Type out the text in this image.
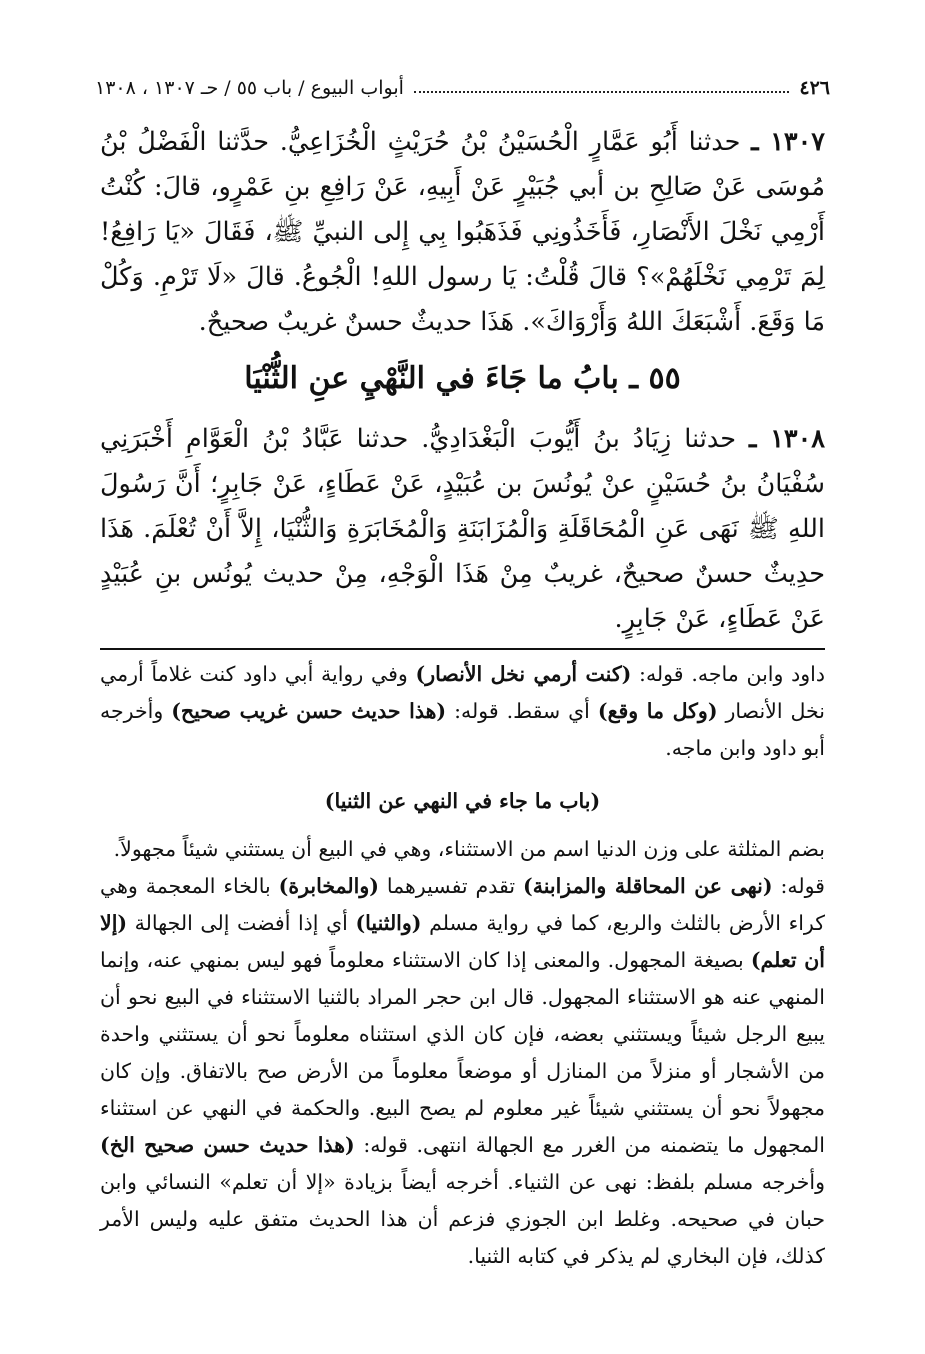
٤٢٦
أبواب البيوع / باب ٥٥ / حـ ١٣٠٧ ، ١٣٠٨

١٣٠٧ ـ حدثنا أَبُو عَمَّارٍ الْحُسَيْنُ بْنُ حُرَيْثٍ الْخُزَاعِيُّ. حدَّثنا الْفَضْلُ بْنُ مُوسَى عَنْ صَالِحِ بن أبي جُبَيْرٍ عَنْ أَبِيهِ، عَنْ رَافِعِ بنِ عَمْرٍو، قالَ: كُنْتُ أَرْمِي نَخْلَ الأَنْصَارِ، فَأَخَذُونِي فَذَهَبُوا بِي إِلى النبيِّ ﷺ، فَقَالَ «يَا رَافِعُ! لِمَ تَرْمِي نَخْلَهُمْ»؟ قالَ قُلْتُ: يَا رسول اللهِ! الْجُوعُ. قالَ «لَا تَرْمِ. وَكُلْ مَا وَقَعَ. أَشْبَعَكَ اللهُ وَأَرْوَاكَ». هَذَا حديثٌ حسنٌ غريبٌ صحيحٌ.

٥٥ ـ بابُ ما جَاءَ في النَّهْيِ عنِ الثُّنْيَا

١٣٠٨ ـ حدثنا زِيَادُ بنُ أَيُّوبَ الْبَغْدَادِيُّ. حدثنا عَبَّادُ بْنُ الْعَوَّامِ أَخْبَرَنِي سُفْيَانُ بنُ حُسَيْنٍ عنْ يُونُسَ بن عُبَيْدٍ، عَنْ عَطَاءٍ، عَنْ جَابِرٍ؛ أَنَّ رَسُولَ اللهِ ﷺ نَهَى عَنِ الْمُحَاقَلَةِ وَالْمُزَابَنَةِ وَالْمُخَابَرَةِ وَالثُّنْيَا، إِلاَّ أَنْ تُعْلَمَ. هَذَا حدِيثٌ حسنٌ صحيحٌ، غريبٌ مِنْ هَذَا الْوَجْهِ، مِنْ حديث يُونُس بنِ عُبَيْدٍ عَنْ عَطَاءٍ، عَنْ جَابِرٍ.

داود وابن ماجه. قوله: (كنت أرمي نخل الأنصار) وفي رواية أبي داود كنت غلاماً أرمي نخل الأنصار (وكل ما وقع) أي سقط. قوله: (هذا حديث حسن غريب صحيح) وأخرجه أبو داود وابن ماجه.

(باب ما جاء في النهي عن الثنيا)

بضم المثلثة على وزن الدنيا اسم من الاستثناء، وهي في البيع أن يستثني شيئاً مجهولاً.

قوله: (نهى عن المحاقلة والمزابنة) تقدم تفسيرهما (والمخابرة) بالخاء المعجمة وهي كراء الأرض بالثلث والربع، كما في رواية مسلم (والثنيا) أي إذا أفضت إلى الجهالة (إلا أن تعلم) بصيغة المجهول. والمعنى إذا كان الاستثناء معلوماً فهو ليس بمنهي عنه، وإنما المنهي عنه هو الاستثناء المجهول. قال ابن حجر المراد بالثنيا الاستثناء في البيع نحو أن يبيع الرجل شيئاً ويستثني بعضه، فإن كان الذي استثناه معلوماً نحو أن يستثني واحدة من الأشجار أو منزلاً من المنازل أو موضعاً معلوماً من الأرض صح بالاتفاق. وإن كان مجهولاً نحو أن يستثني شيئاً غير معلوم لم يصح البيع. والحكمة في النهي عن استثناء المجهول ما يتضمنه من الغرر مع الجهالة انتهى. قوله: (هذا حديث حسن صحيح الخ) وأخرجه مسلم بلفظ: نهى عن الثنياء. أخرجه أيضاً بزيادة «إلا أن تعلم» النسائي وابن حبان في صحيحه. وغلط ابن الجوزي فزعم أن هذا الحديث متفق عليه وليس الأمر كذلك، فإن البخاري لم يذكر في كتابه الثنيا.
